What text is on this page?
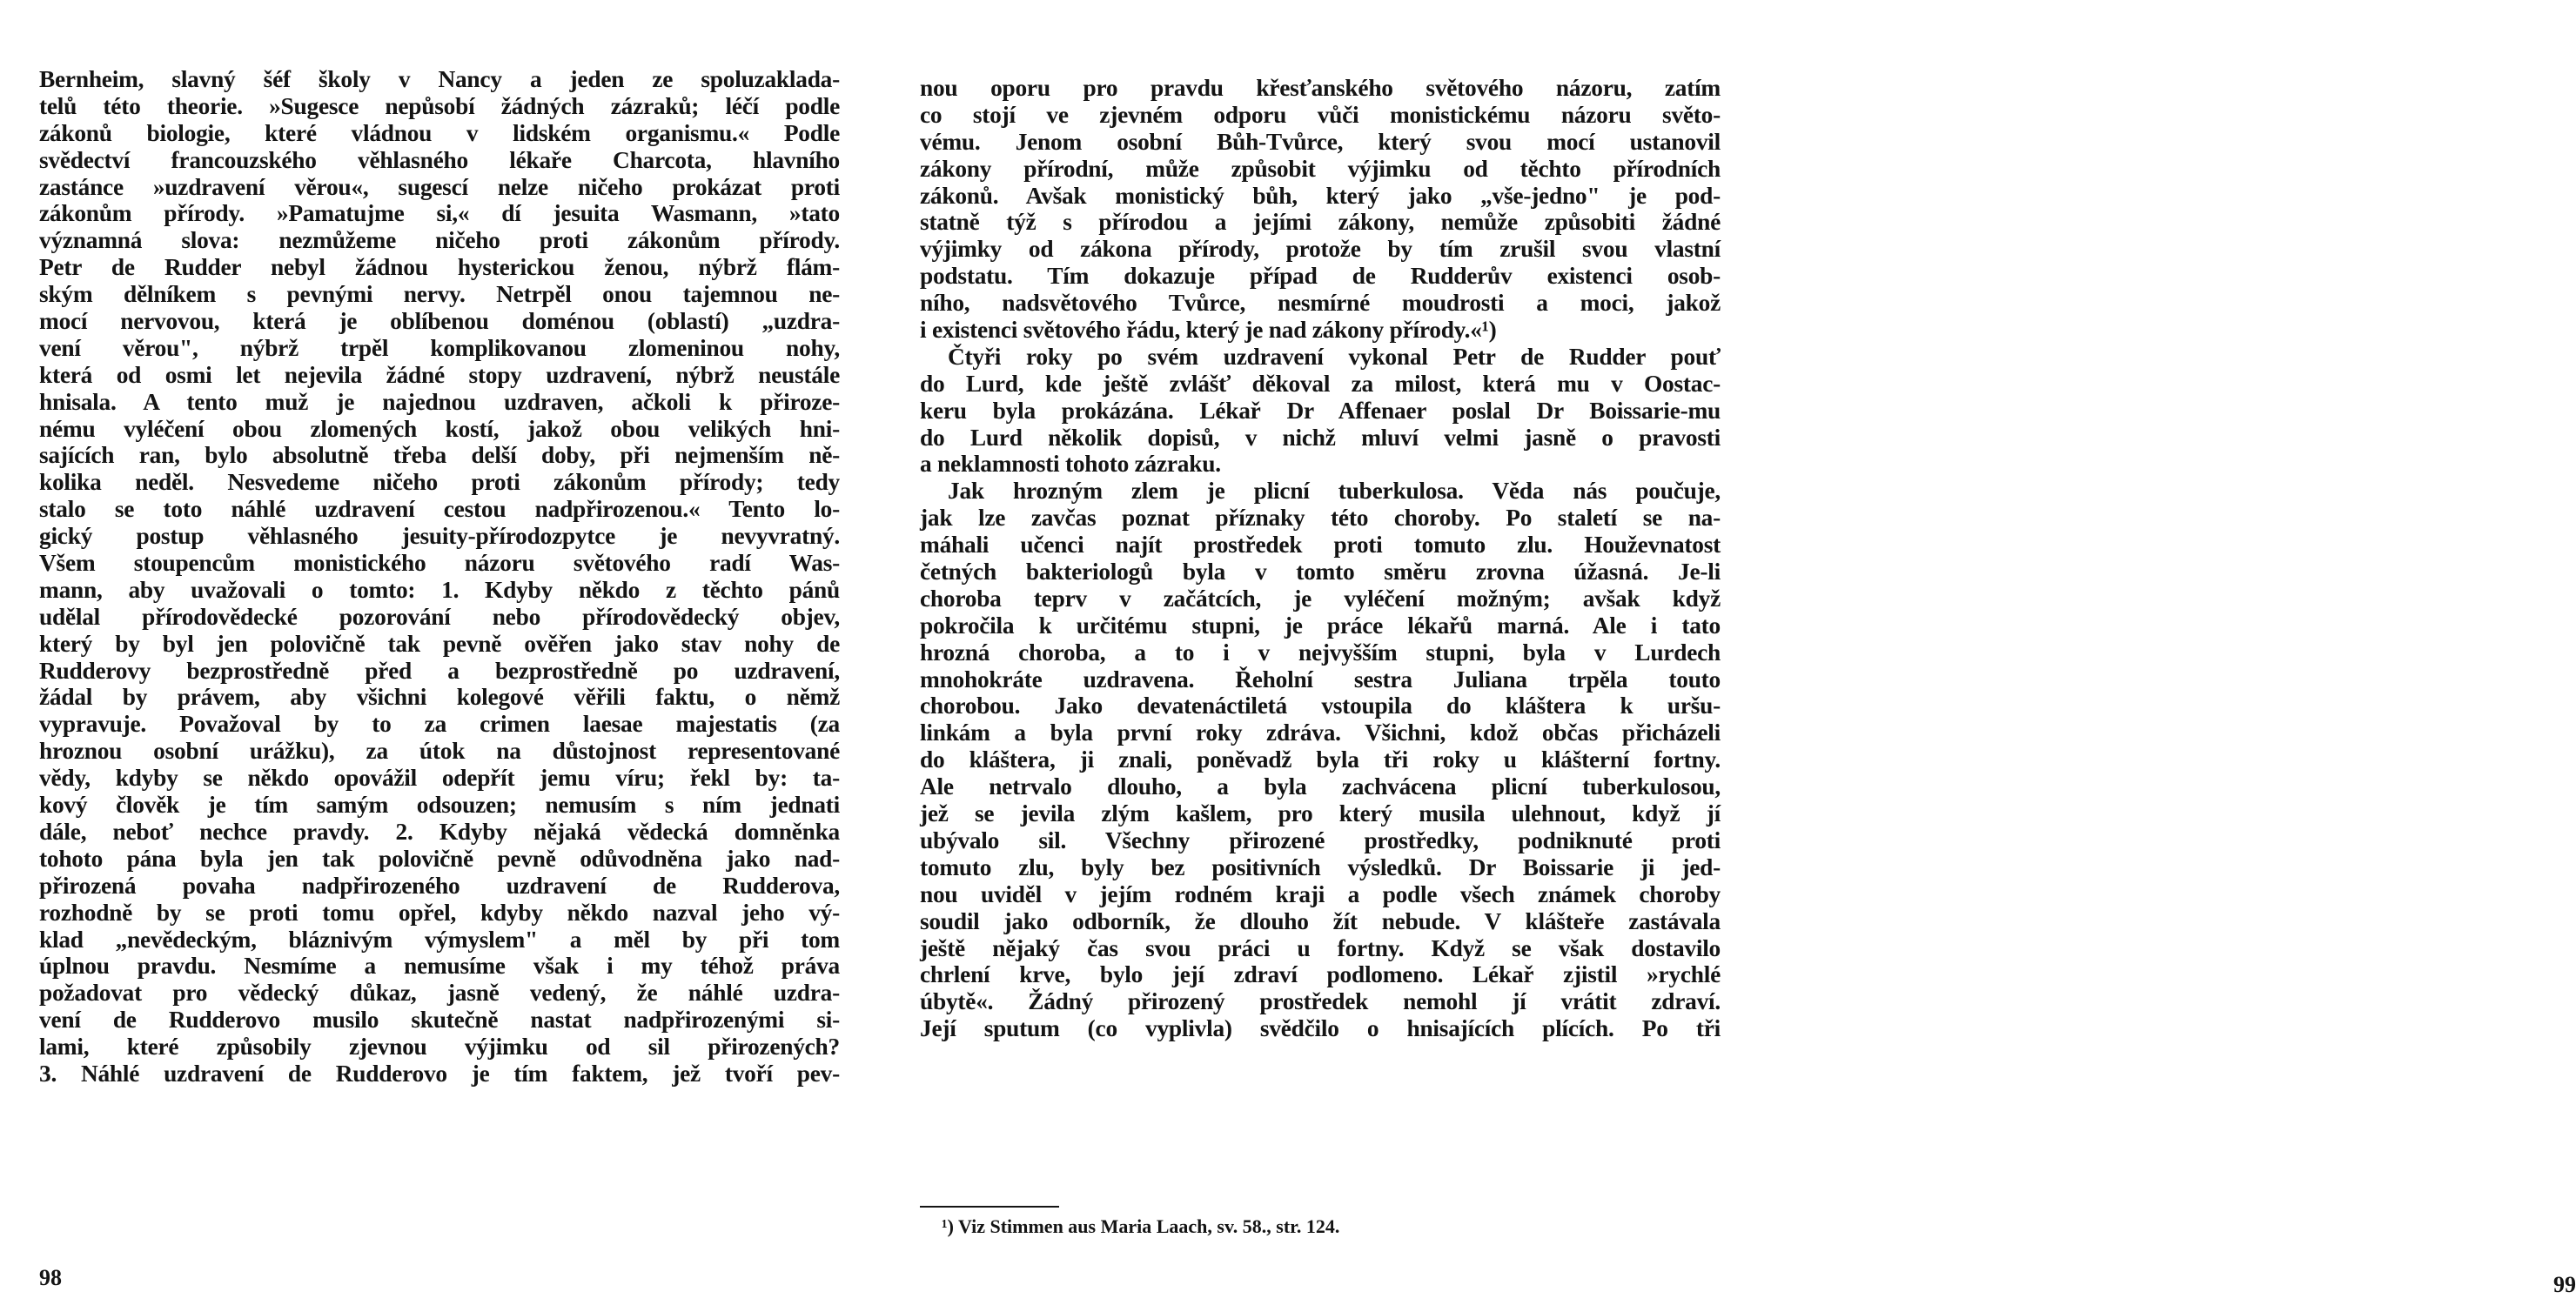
Bernheim, slavný šéf školy v Nancy a jeden ze spoluzaklada-
telů této theorie. »Sugesce nepůsobí žádných zázraků; léčí podle
zákonů biologie, které vládnou v lidském organismu.« Podle
svědectví francouzského věhlasného lékaře Charcota, hlavního
zastánce »uzdravení věrou«, sugescí nelze ničeho prokázat proti
zákonům přírody. »Pamatujme si,« dí jesuita Wasmann, »tato
významná slova: nezmůžeme ničeho proti zákonům přírody.
Petr de Rudder nebyl žádnou hysterickou ženou, nýbrž flám-
ským dělníkem s pevnými nervy. Netrpěl onou tajemnou ne-
mocí nervovou, která je oblíbenou doménou (oblastí) „uzdra-
vení věrou", nýbrž trpěl komplikovanou zlomeninou nohy,
která od osmi let nejevila žádné stopy uzdravení, nýbrž neustále
hnisala. A tento muž je najednou uzdraven, ačkoli k přiroze-
nému vyléčení obou zlomených kostí, jakož obou velikých hni-
sajících ran, bylo absolutně třeba delší doby, při nejmenším ně-
kolika neděl. Nesvedeme ničeho proti zákonům přírody; tedy
stalo se toto náhlé uzdravení cestou nadpřirozenou.« Tento lo-
gický postup věhlasného jesuity-přírodozpytce je nevyvratný.
Všem stoupencům monistického názoru světového radí Was-
mann, aby uvažovali o tomto: 1. Kdyby někdo z těchto pánů
udělal přírodovědecké pozorování nebo přírodovědecký objev,
který by byl jen polovičně tak pevně ověřen jako stav nohy de
Rudderovy bezprostředně před a bezprostředně po uzdravení,
žádal by právem, aby všichni kolegové věřili faktu, o němž
vypravuje. Považoval by to za crimen laesae majestatis (za
hroznou osobní urážku), za útok na důstojnost representované
vědy, kdyby se někdo opovážil odepřít jemu víru; řekl by: ta-
kový člověk je tím samým odsouzen; nemusím s ním jednati
dále, neboť nechce pravdy. 2. Kdyby nějaká vědecká domněnka
tohoto pána byla jen tak polovičně pevně odůvodněna jako nad-
přirozená povaha nadpřirozeného uzdravení de Rudderova,
rozhodně by se proti tomu opřel, kdyby někdo nazval jeho vý-
klad „nevědeckým, bláznivým výmyslem" a měl by při tom
úplnou pravdu. Nesmíme a nemusíme však i my téhož práva
požadovat pro vědecký důkaz, jasně vedený, že náhlé uzdra-
vení de Rudderovo musilo skutečně nastat nadpřirozenými si-
lami, které způsobily zjevnou výjimku od sil přirozených?
3. Náhlé uzdravení de Rudderovo je tím faktem, jež tvoří pev-
98
nou oporu pro pravdu křesťanského světového názoru, zatím
co stojí ve zjevném odporu vůči monistickému názoru světo-
vému. Jenom osobní Bůh-Tvůrce, který svou mocí ustanovil
zákony přírodní, může způsobit výjimku od těchto přírodních
zákonů. Avšak monistický bůh, který jako „vše-jedno" je pod-
statně týž s přírodou a jejími zákony, nemůže způsobiti žádné
výjimky od zákona přírody, protože by tím zrušil svou vlastní
podstatu. Tím dokazuje případ de Rudderův existenci osob-
ního, nadsvětového Tvůrce, nesmírné moudrosti a moci, jakož
i existenci světového řádu, který je nad zákony přírody.«¹)
Čtyři roky po svém uzdravení vykonal Petr de Rudder pouť
do Lurd, kde ještě zvlášť děkoval za milost, která mu v Oostac-
keru byla prokázána. Lékař Dr Affenaer poslal Dr Boissarie-mu
do Lurd několik dopisů, v nichž mluví velmi jasně o pravosti
a neklamnosti tohoto zázraku.
Jak hrozným zlem je plicní tuberkulosa. Věda nás poučuje,
jak lze zavčas poznat příznaky této choroby. Po staletí se na-
máhali učenci najít prostředek proti tomuto zlu. Houževnatost
četných bakteriologů byla v tomto směru zrovna úžasná. Je-li
choroba teprv v začátcích, je vyléčení možným; avšak když
pokročila k určitému stupni, je práce lékařů marná. Ale i tato
hrozná choroba, a to i v nejvyšším stupni, byla v Lurdech
mnohokráte uzdravena. Řeholní sestra Juliana trpěla touto
chorobou. Jako devatenáctiletá vstoupila do kláštera k uršu-
linkám a byla první roky zdráva. Všichni, kdož občas přicházeli
do kláštera, ji znali, poněvadž byla tři roky u klášterní fortny.
Ale netrvalo dlouho, a byla zachvácena plicní tuberkulosou,
jež se jevila zlým kašlem, pro který musila ulehnout, když jí
ubývalo sil. Všechny přirozené prostředky, podniknuté proti
tomuto zlu, byly bez positivních výsledků. Dr Boissarie ji jed-
nou uviděl v jejím rodném kraji a podle všech známek choroby
soudil jako odborník, že dlouho žít nebude. V klášteře zastávala
ještě nějaký čas svou práci u fortny. Když se však dostavilo
chrlení krve, bylo její zdraví podlomeno. Lékař zjistil »rychlé
úbytě«. Žádný přirozený prostředek nemohl jí vrátit zdraví.
Její sputum (co vyplivla) svědčilo o hnisajících plících. Po tři
99
¹) Viz Stimmen aus Maria Laach, sv. 58., str. 124.
